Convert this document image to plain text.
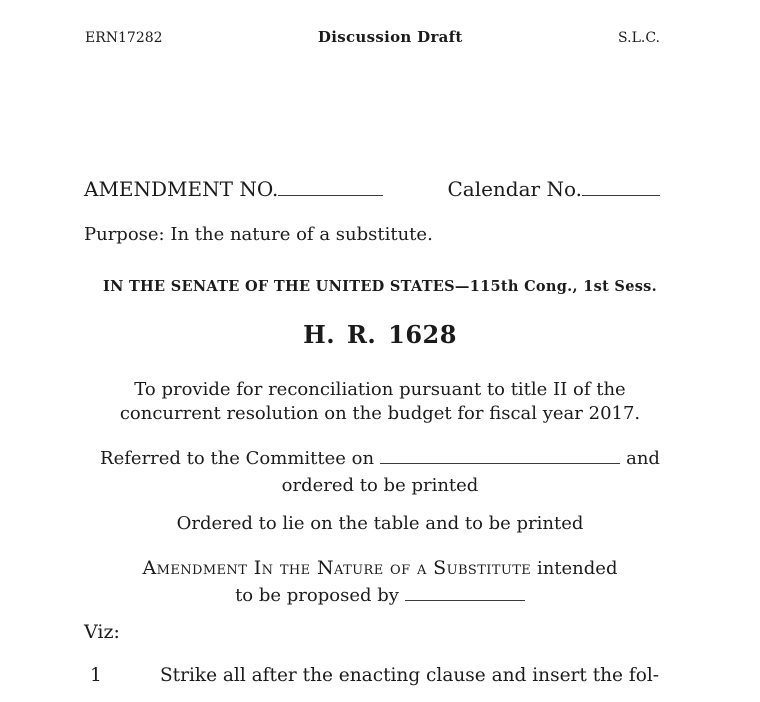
ERN17282	Discussion Draft	S.L.C.
AMENDMENT NO.	Calendar No.
Purpose: In the nature of a substitute.
IN THE SENATE OF THE UNITED STATES—115th Cong., 1st Sess.
H. R. 1628
To provide for reconciliation pursuant to title II of the
concurrent resolution on the budget for fiscal year 2017.
Referred to the Committee on	and
ordered to be printed
Ordered to lie on the table and to be printed
Amendment In the Nature of a Substitute intended
to be proposed by
Viz:
1	Strike all after the enacting clause and insert the fol-
